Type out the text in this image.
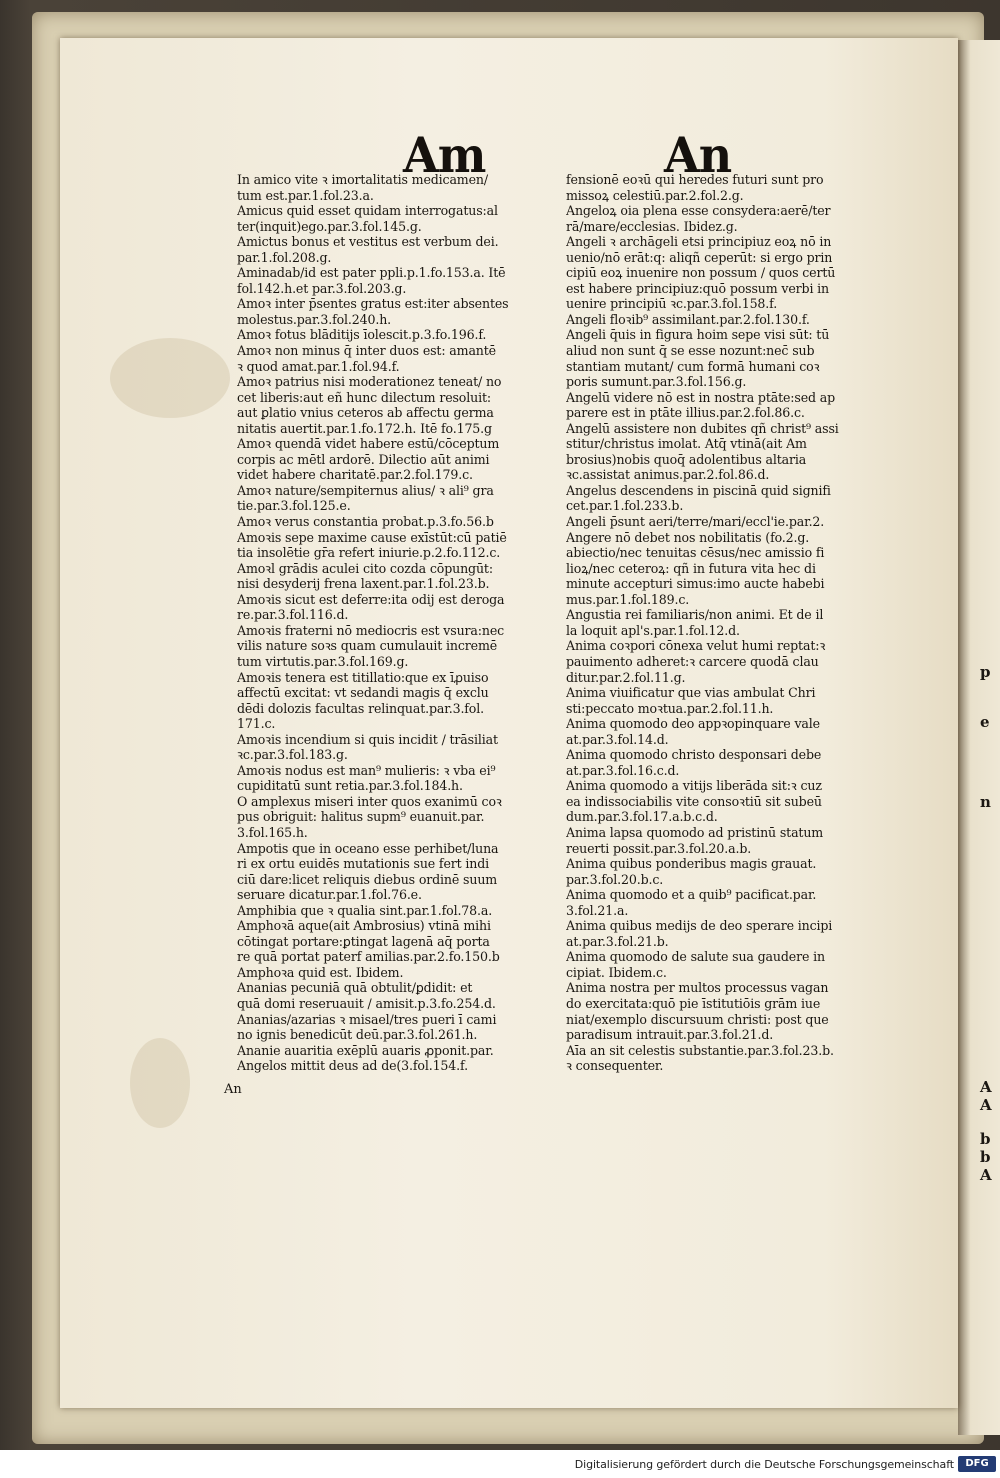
p
e
n
A
A
b
b
A
Am	An
An
In amico vite ꝛ imortalitatis medicamen/
tum est.par.1.fol.23.a.
Amicus quid esset quidam interrogatus:al
ter(inquit)ego.par.3.fol.145.g.
Amictus bonus et vestitus est verbum dei.
par.1.fol.208.g.
Aminadab/id est pater ppli.p.1.fo.153.a. Itē
fol.142.h.et par.3.fol.203.g.
Amoꝛ inter p̄sentes gratus est:iter absentes
molestus.par.3.fol.240.h.
Amoꝛ fotus blāditijs īolescit.p.3.fo.196.f.
Amoꝛ non minus q̄ inter duos est: amantē
ꝛ quod amat.par.1.fol.94.f.
Amoꝛ patrius nisi moderationez teneat/ no
cet liberis:aut eñ hunc dilectum resoluit:
aut ꝑlatio vnius ceteros ab affectu germa
nitatis auertit.par.1.fo.172.h. Itē fo.175.g
Amoꝛ quendā videt habere estū/cōceptum
corpis ac mētl ardorē. Dilectio aūt animi
videt habere charitatē.par.2.fol.179.c.
Amoꝛ nature/sempiternus alius/ ꝛ ali⁹ gra
tie.par.3.fol.125.e.
Amoꝛ verus constantia probat.p.3.fo.56.b
Amoꝛis sepe maxime cause exīstūt:cū patiē
tia insolētie gr̄a refert iniurie.p.2.fo.112.c.
Amoꝛl grādis aculei cito cozda cōpungūt:
nisi desyderij frena laxent.par.1.fol.23.b.
Amoꝛis sicut est deferre:ita odij est deroga
re.par.3.fol.116.d.
Amoꝛis fraterni nō mediocris est vsura:nec
vilis nature soꝛs quam cumulauit incremē
tum virtutis.par.3.fol.169.g.
Amoꝛis tenera est titillatio:que ex īꝓuiso
affectū excitat: vt sedandi magis q̄ exclu
dēdi dolozis facultas relinquat.par.3.fol.
171.c.
Amoꝛis incendium si quis incidit / trāsiliat
ꝛc.par.3.fol.183.g.
Amoꝛis nodus est man⁹ mulieris: ꝛ vba ei⁹
cupiditatū sunt retia.par.3.fol.184.h.
O amplexus miseri inter quos exanimū coꝛ
pus obriguit: halitus supm⁹ euanuit.par.
3.fol.165.h.
Ampotis que in oceano esse perhibet/luna
ri ex ortu euidēs mutationis sue fert indi
ciū dare:licet reliquis diebus ordinē suum
seruare dicatur.par.1.fol.76.e.
Amphibia que ꝛ qualia sint.par.1.fol.78.a.
Amphoꝛā aque(ait Ambrosius) vtinā mihi
cōtingat portare:ꝑtingat lagenā aq̄ porta
re quā portat paterf amilias.par.2.fo.150.b
Amphoꝛa quid est. Ibidem.
Ananias pecuniā quā obtulit/ꝑdidit: et
quā domi reseruauit / amisit.p.3.fo.254.d.
Ananias/azarias ꝛ misael/tres pueri ī cami
no ignis benedicūt deū.par.3.fol.261.h.
Ananie auaritia exēplū auaris ꝓponit.par.
Angelos mittit deus ad de(3.fol.154.f.
fensionē eoꝛū qui heredes futuri sunt pro
missoꝝ celestiū.par.2.fol.2.g.
Angeloꝝ oia plena esse consydera:aerē/ter
rā/mare/ecclesias. Ibidez.g.
Angeli ꝛ archāgeli etsi principiuz eoꝝ nō in
uenio/nō erāt:q: aliqñ ceperūt: si ergo prin
cipiū eoꝝ inuenire non possum / quos certū
est habere principiuz:quō possum verbi in
uenire principiū ꝛc.par.3.fol.158.f.
Angeli floꝛib⁹ assimilant.par.2.fol.130.f.
Angeli q̄uis in figura hoim sepe visi sūt: tū
aliud non sunt q̄ se esse nozunt:nec̄ sub
stantiam mutant/ cum formā humani coꝛ
poris sumunt.par.3.fol.156.g.
Angelū videre nō est in nostra ptāte:sed ap
parere est in ptāte illius.par.2.fol.86.c.
Angelū assistere non dubites qñ christ⁹ assi
stitur/christus imolat. Atq̄ vtinā(ait Am
brosius)nobis quoq̄ adolentibus altaria
ꝛc.assistat animus.par.2.fol.86.d.
Angelus descendens in piscinā quid signifi
cet.par.1.fol.233.b.
Angeli p̄sunt aeri/terre/mari/eccl'ie.par.2.
Angere nō debet nos nobilitatis (fo.2.g.
abiectio/nec tenuitas cēsus/nec amissio fi
lioꝝ/nec ceteroꝝ: qñ in futura vita hec di
minute accepturi simus:imo aucte habebi
mus.par.1.fol.189.c.
Angustia rei familiaris/non animi. Et de il
la loquit apl's.par.1.fol.12.d.
Anima coꝛpori cōnexa velut humi reptat:ꝛ
pauimento adheret:ꝛ carcere quodā clau
ditur.par.2.fol.11.g.
Anima viuificatur que vias ambulat Chri
sti:peccato moꝛtua.par.2.fol.11.h.
Anima quomodo deo appꝛopinquare vale
at.par.3.fol.14.d.
Anima quomodo christo desponsari debe
at.par.3.fol.16.c.d.
Anima quomodo a vitijs liberāda sit:ꝛ cuz
ea indissociabilis vite consoꝛtiū sit subeū
dum.par.3.fol.17.a.b.c.d.
Anima lapsa quomodo ad pristinū statum
reuerti possit.par.3.fol.20.a.b.
Anima quibus ponderibus magis grauat.
par.3.fol.20.b.c.
Anima quomodo et a quib⁹ pacificat.par.
3.fol.21.a.
Anima quibus medijs de deo sperare incipi
at.par.3.fol.21.b.
Anima quomodo de salute sua gaudere in
cipiat. Ibidem.c.
Anima nostra per multos processus vagan
do exercitata:quō pie īstitutiōis grām iue
niat/exemplo discursuum christi: post que
paradisum intrauit.par.3.fol.21.d.
Aīa an sit celestis substantie.par.3.fol.23.b.
ꝛ consequenter.
Digitalisierung gefördert durch die Deutsche Forschungsgemeinschaft	DFG
